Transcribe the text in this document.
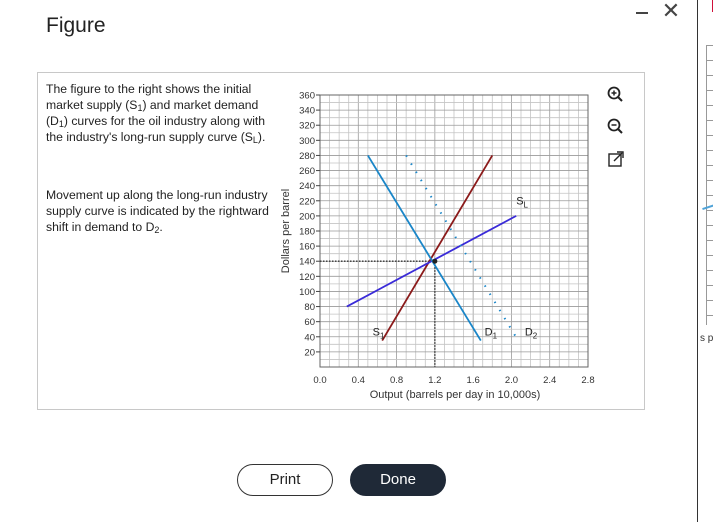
Figure
✕
s p
The figure to the right shows the initial market supply $(S_1)$ and market demand $(D_1)$ curves for the oil industry along with the industry's long-run supply curve $(S_L)$.
Movement up along the long-run industry supply curve is indicated by the rightward shift in demand to $D_2$.
20
40
60
80
100
120
140
160
180
200
220
240
260
280
300
320
340
360
0.0	0.4	0.8	1.2	1.6	2.0	2.4	2.8
Output (barrels per day in 10,000s)
Dollars per barrel
$S_1$
$S_L$
$D_1$	$D_2$
Print	Done
